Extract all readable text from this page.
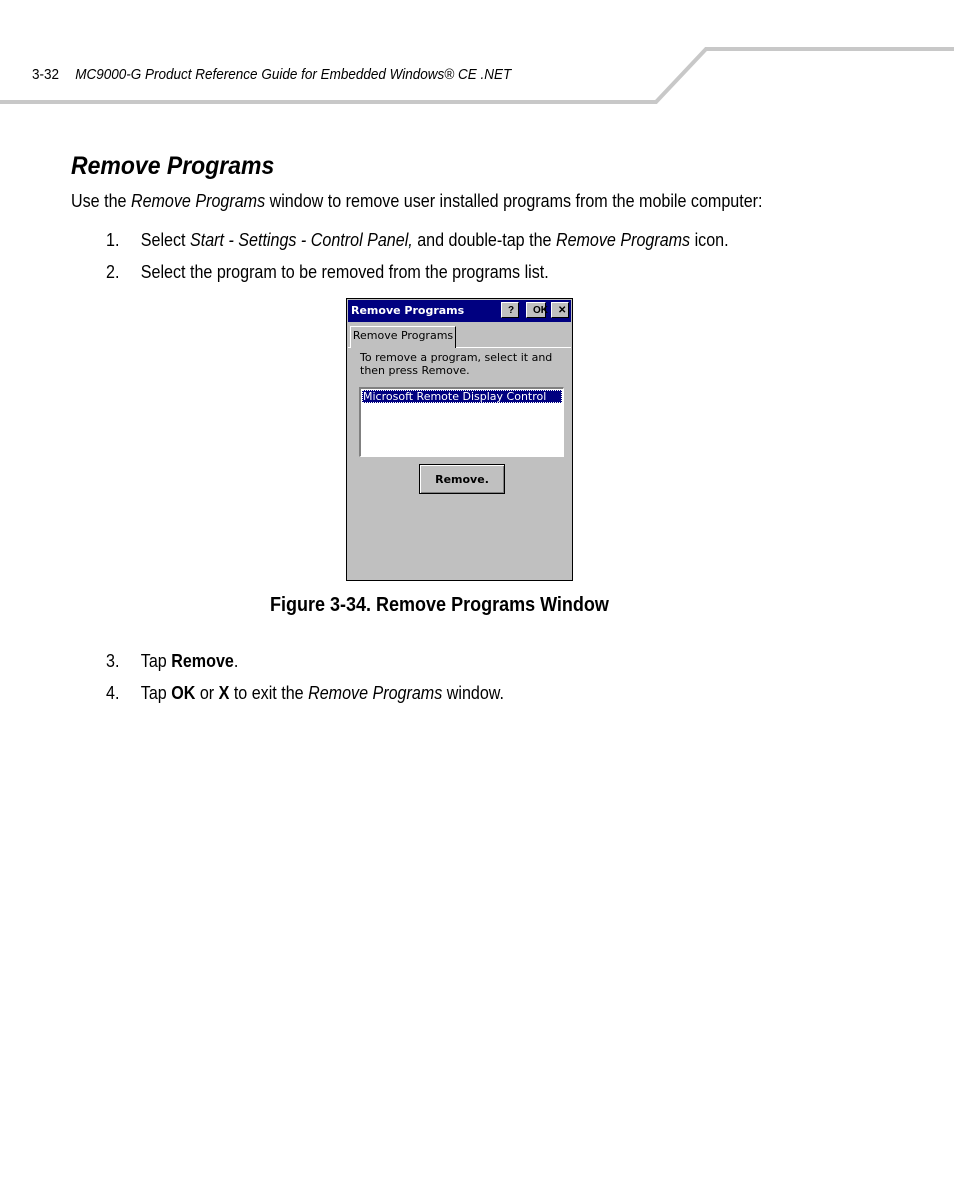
3-32 MC9000-G Product Reference Guide for Embedded Windows® CE .NET
Remove Programs

Use the Remove Programs window to remove user installed programs from the mobile computer:

1. Select Start - Settings - Control Panel, and double-tap the Remove Programs icon.
2. Select the program to be removed from the programs list.
Remove Programs	?	OK	✕
Remove Programs
To remove a program, select it and
then press Remove.
Microsoft Remote Display Control
Remove.

Figure 3-34. Remove Programs Window

3. Tap Remove.
4. Tap OK or X to exit the Remove Programs window.
